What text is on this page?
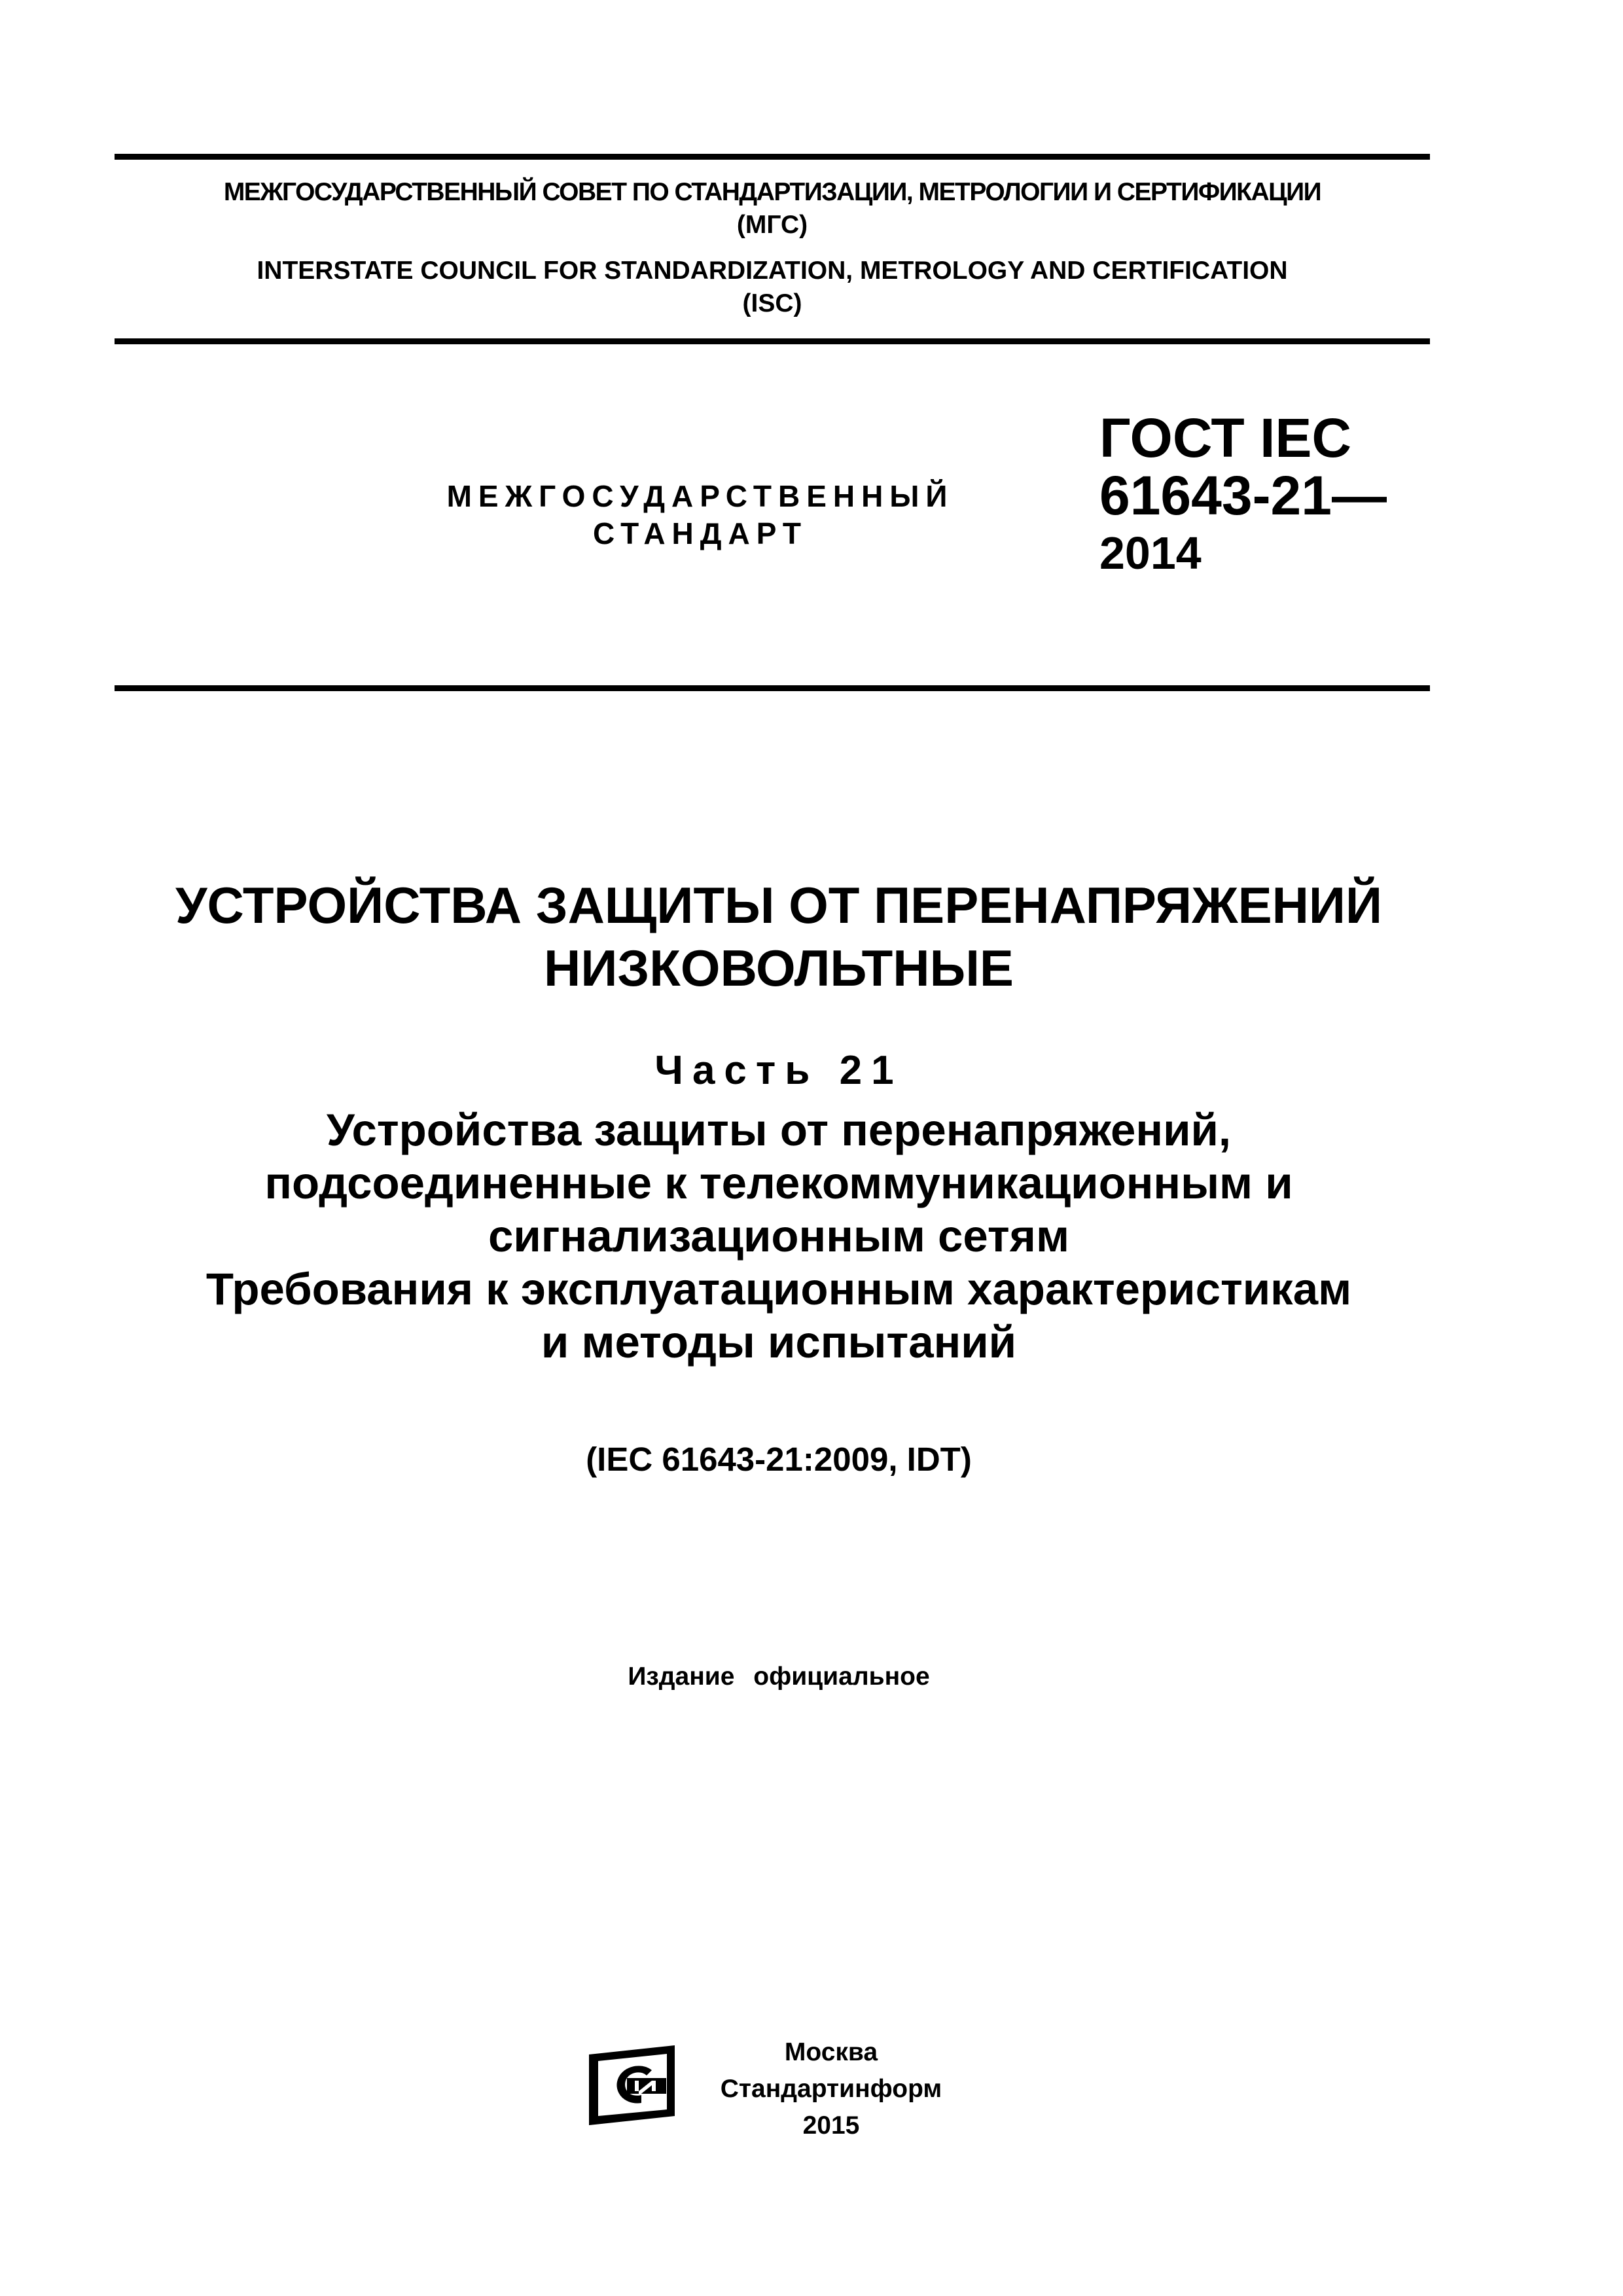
МЕЖГОСУДАРСТВЕННЫЙ СОВЕТ ПО СТАНДАРТИЗАЦИИ, МЕТРОЛОГИИ И СЕРТИФИКАЦИИ
(МГС)
INTERSTATE COUNCIL FOR STANDARDIZATION, METROLOGY AND CERTIFICATION
(ISC)
МЕЖГОСУДАРСТВЕННЫЙ
СТАНДАРТ
ГОСТ IEC
61643-21—
2014
УСТРОЙСТВА ЗАЩИТЫ ОТ ПЕРЕНАПРЯЖЕНИЙ
НИЗКОВОЛЬТНЫЕ
Часть 21
Устройства защиты от перенапряжений,
подсоединенные к телекоммуникационным и
сигнализационным сетям
Требования к эксплуатационным характеристикам
и методы испытаний
(IEC 61643-21:2009, IDT)
Издание официальное
Москва
Стандартинформ
2015
